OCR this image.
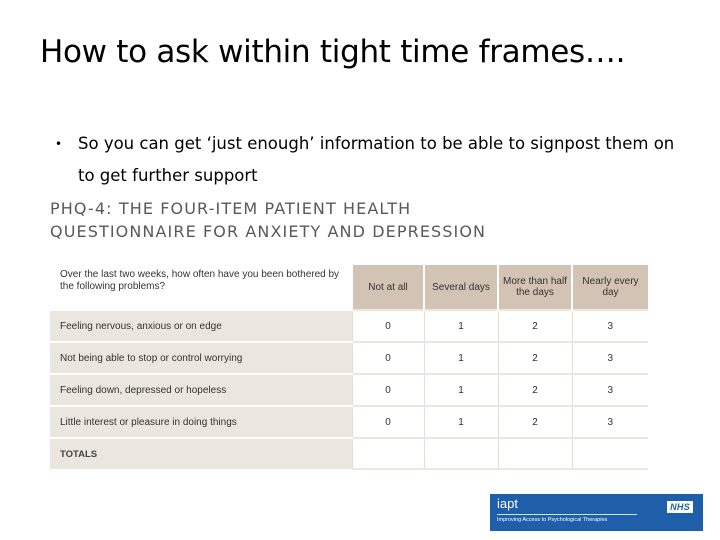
How to ask within tight time frames….
• So you can get ‘just enough’ information to be able to signpost them on to get further support
PHQ-4: THE FOUR-ITEM PATIENT HEALTH
QUESTIONNAIRE FOR ANXIETY AND DEPRESSION
Over the last two weeks, how often have you been bothered by the following problems?	Not at all	Several days	More than half the days	Nearly every day
Feeling nervous, anxious or on edge	0	1	2	3
Not being able to stop or control worrying	0	1	2	3
Feeling down, depressed or hopeless	0	1	2	3
Little interest or pleasure in doing things	0	1	2	3
TOTALS				
iapt
Improving Access to Psychological Therapies
NHS
